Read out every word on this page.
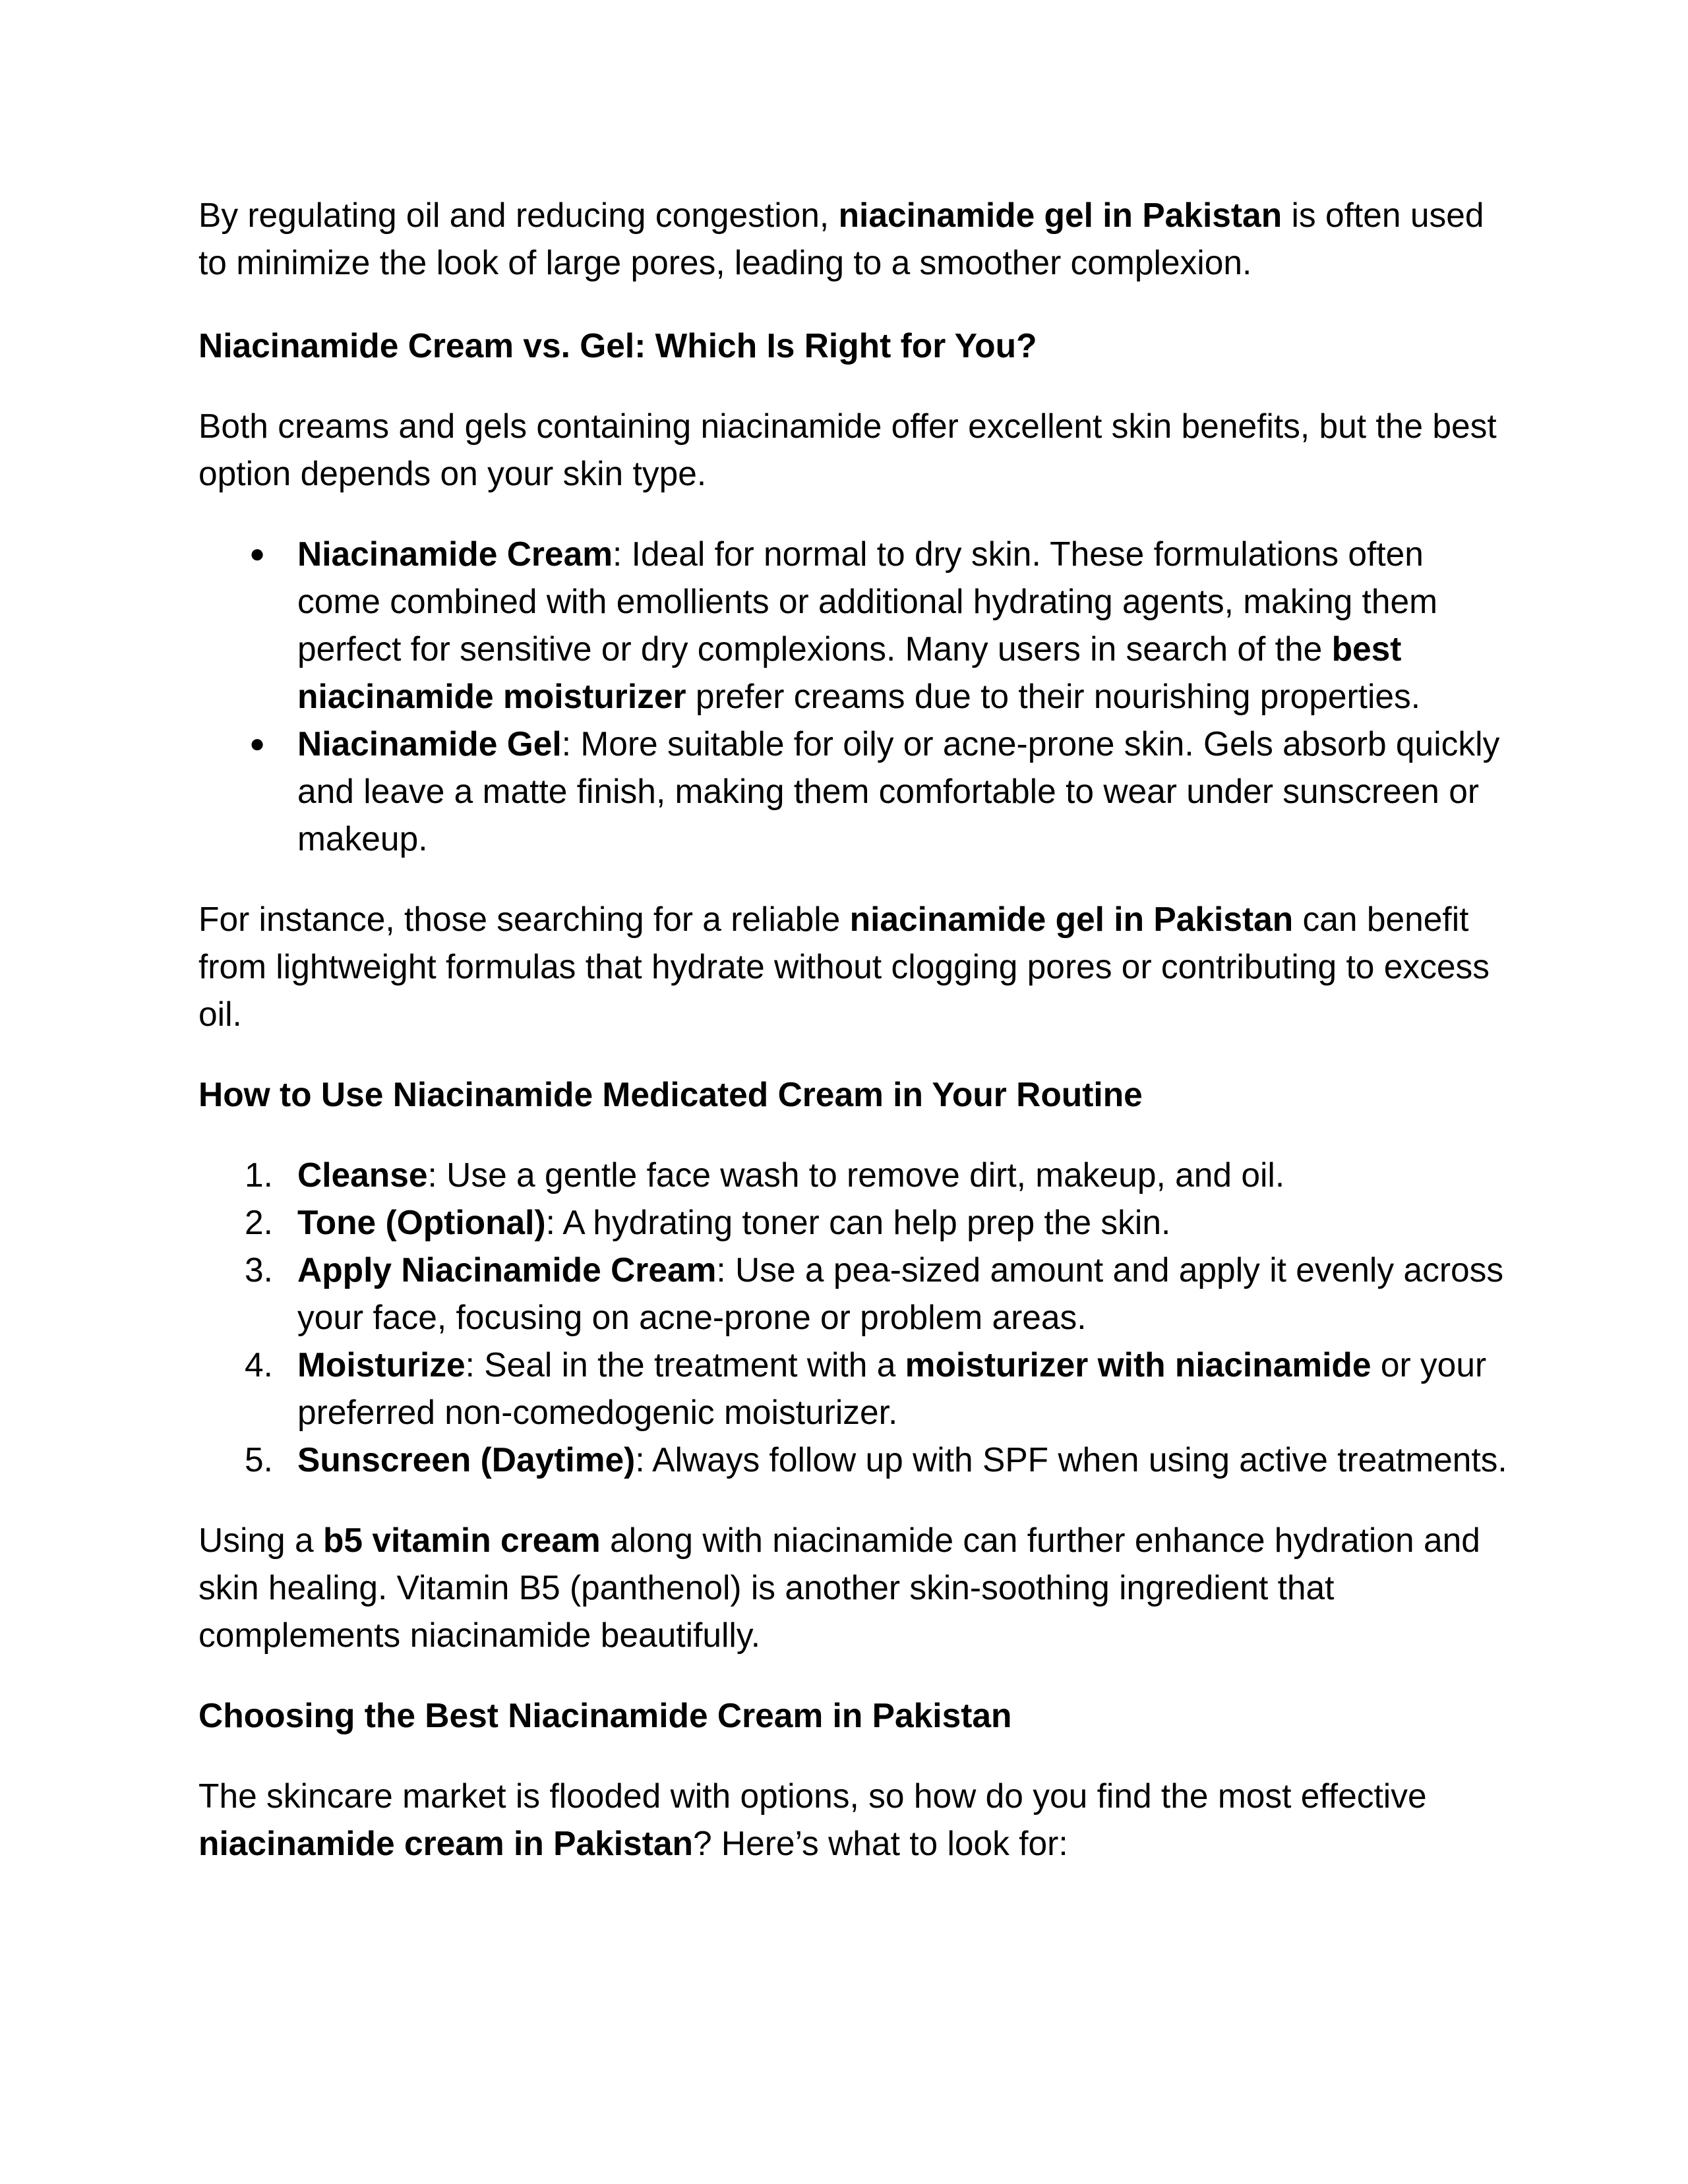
By regulating oil and reducing congestion, niacinamide gel in Pakistan is often used to minimize the look of large pores, leading to a smoother complexion.

Niacinamide Cream vs. Gel: Which Is Right for You?

Both creams and gels containing niacinamide offer excellent skin benefits, but the best option depends on your skin type.

● Niacinamide Cream: Ideal for normal to dry skin. These formulations often come combined with emollients or additional hydrating agents, making them perfect for sensitive or dry complexions. Many users in search of the best niacinamide moisturizer prefer creams due to their nourishing properties.
● Niacinamide Gel: More suitable for oily or acne-prone skin. Gels absorb quickly and leave a matte finish, making them comfortable to wear under sunscreen or makeup.

For instance, those searching for a reliable niacinamide gel in Pakistan can benefit from lightweight formulas that hydrate without clogging pores or contributing to excess oil.

How to Use Niacinamide Medicated Cream in Your Routine
1. Cleanse: Use a gentle face wash to remove dirt, makeup, and oil.
2. Tone (Optional): A hydrating toner can help prep the skin.
3. Apply Niacinamide Cream: Use a pea-sized amount and apply it evenly across your face, focusing on acne-prone or problem areas.
4. Moisturize: Seal in the treatment with a moisturizer with niacinamide or your preferred non-comedogenic moisturizer.
5. Sunscreen (Daytime): Always follow up with SPF when using active treatments.

Using a b5 vitamin cream along with niacinamide can further enhance hydration and skin healing. Vitamin B5 (panthenol) is another skin-soothing ingredient that complements niacinamide beautifully.

Choosing the Best Niacinamide Cream in Pakistan

The skincare market is flooded with options, so how do you find the most effective niacinamide cream in Pakistan? Here’s what to look for:
